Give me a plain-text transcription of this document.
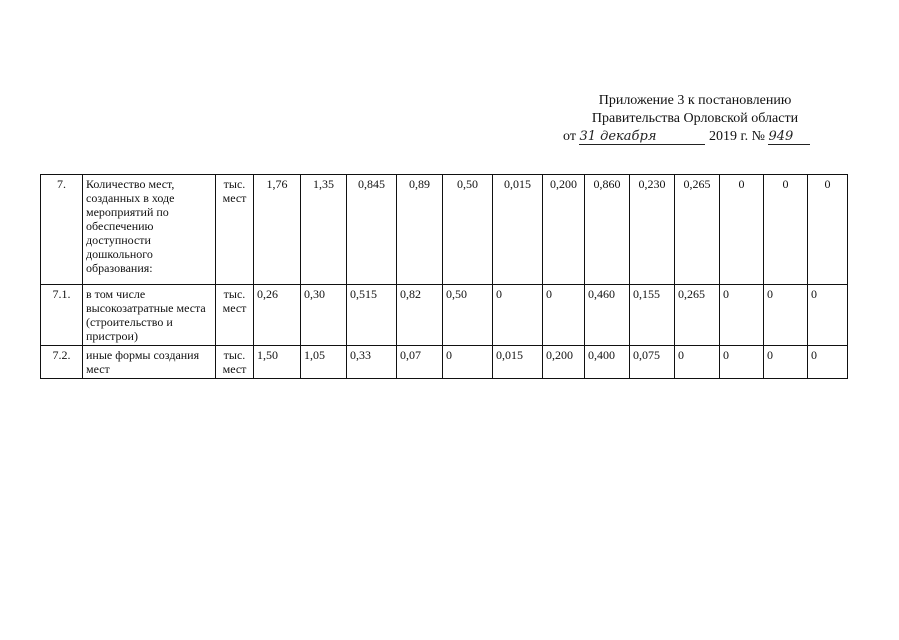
Приложение 3 к постановлению
Правительства Орловской области
от 31 декабря	2019 г. № 949
7.	Количество мест, созданных в ходе мероприятий по обеспечению доступности дошкольного образования:	тыс. мест	1,76	1,35	0,845	0,89	0,50	0,015	0,200	0,860	0,230	0,265	0	0	0
7.1.	в том числе высокозатратные места (строительство и пристрои)	тыс. мест	0,26	0,30	0,515	0,82	0,50	0	0	0,460	0,155	0,265	0	0	0
7.2.	иные формы создания мест	тыс. мест	1,50	1,05	0,33	0,07	0	0,015	0,200	0,400	0,075	0	0	0	0
